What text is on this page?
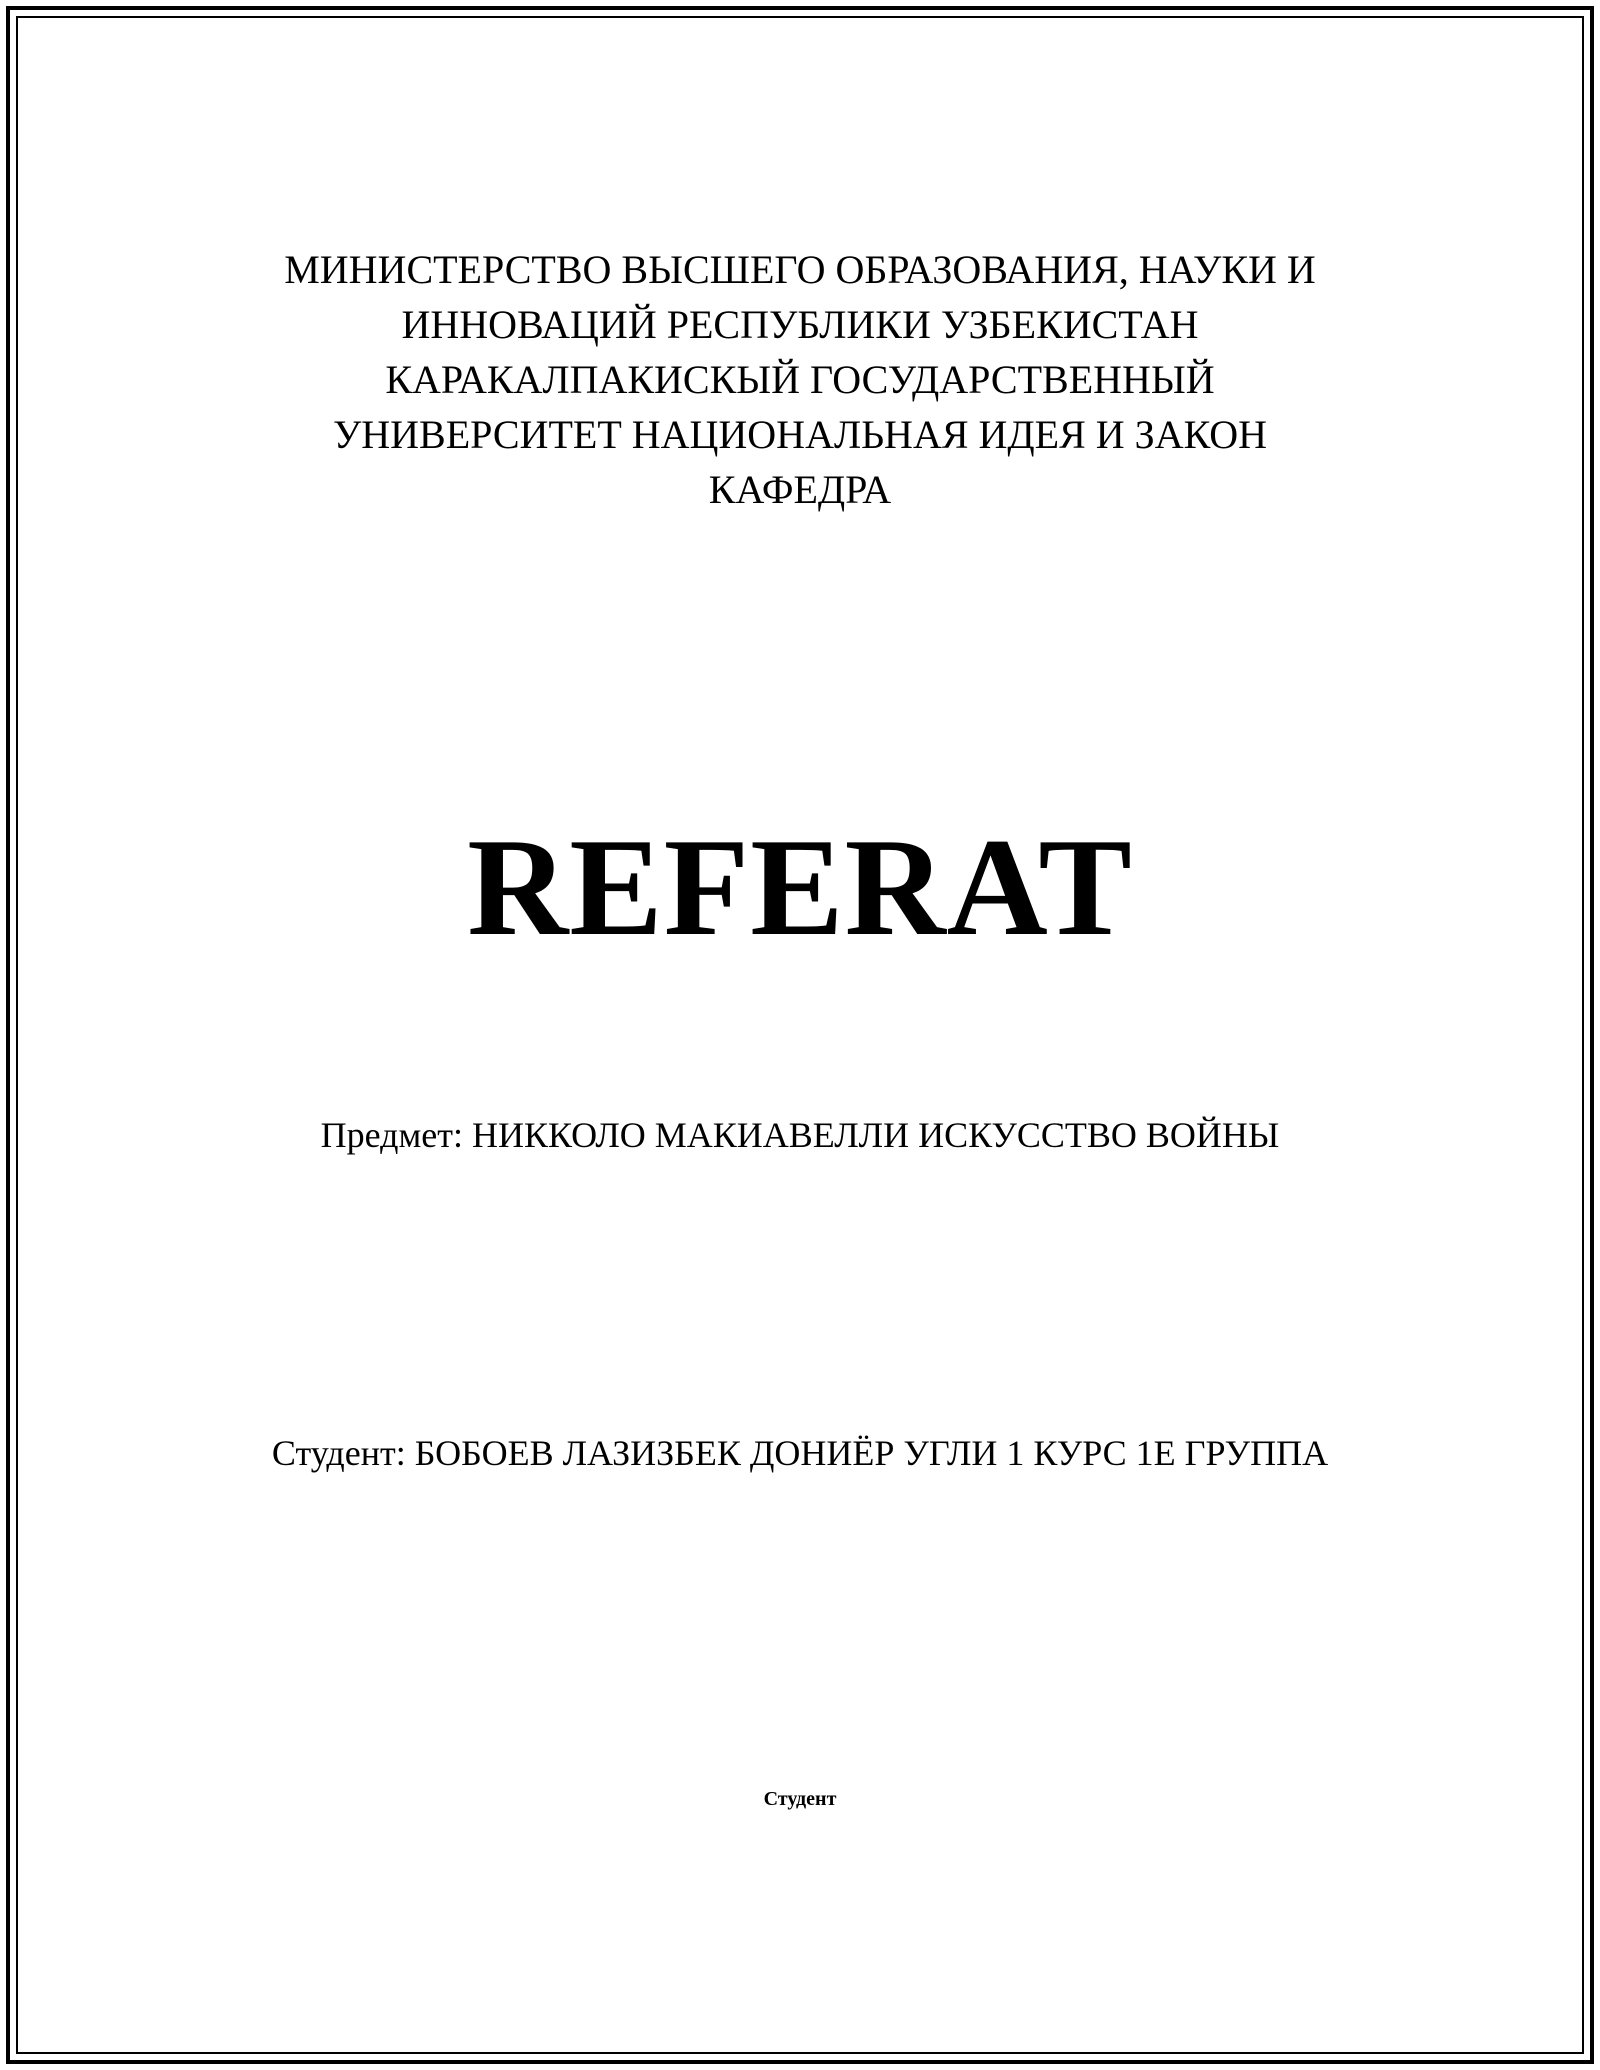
МИНИСТЕРСТВО ВЫСШЕГО ОБРАЗОВАНИЯ, НАУКИ И
ИННОВАЦИЙ РЕСПУБЛИКИ УЗБЕКИСТАН
КАРАКАЛПАКИСКЫЙ ГОСУДАРСТВЕННЫЙ
УНИВЕРСИТЕТ НАЦИОНАЛЬНАЯ ИДЕЯ И ЗАКОН
КАФЕДРА
REFERAT
Предмет: НИККОЛО МАКИАВЕЛЛИ ИСКУССТВО ВОЙНЫ
Студент: БОБОЕВ ЛАЗИЗБЕК ДОНИЁР УГЛИ 1 КУРС 1Е ГРУППА
Студент
